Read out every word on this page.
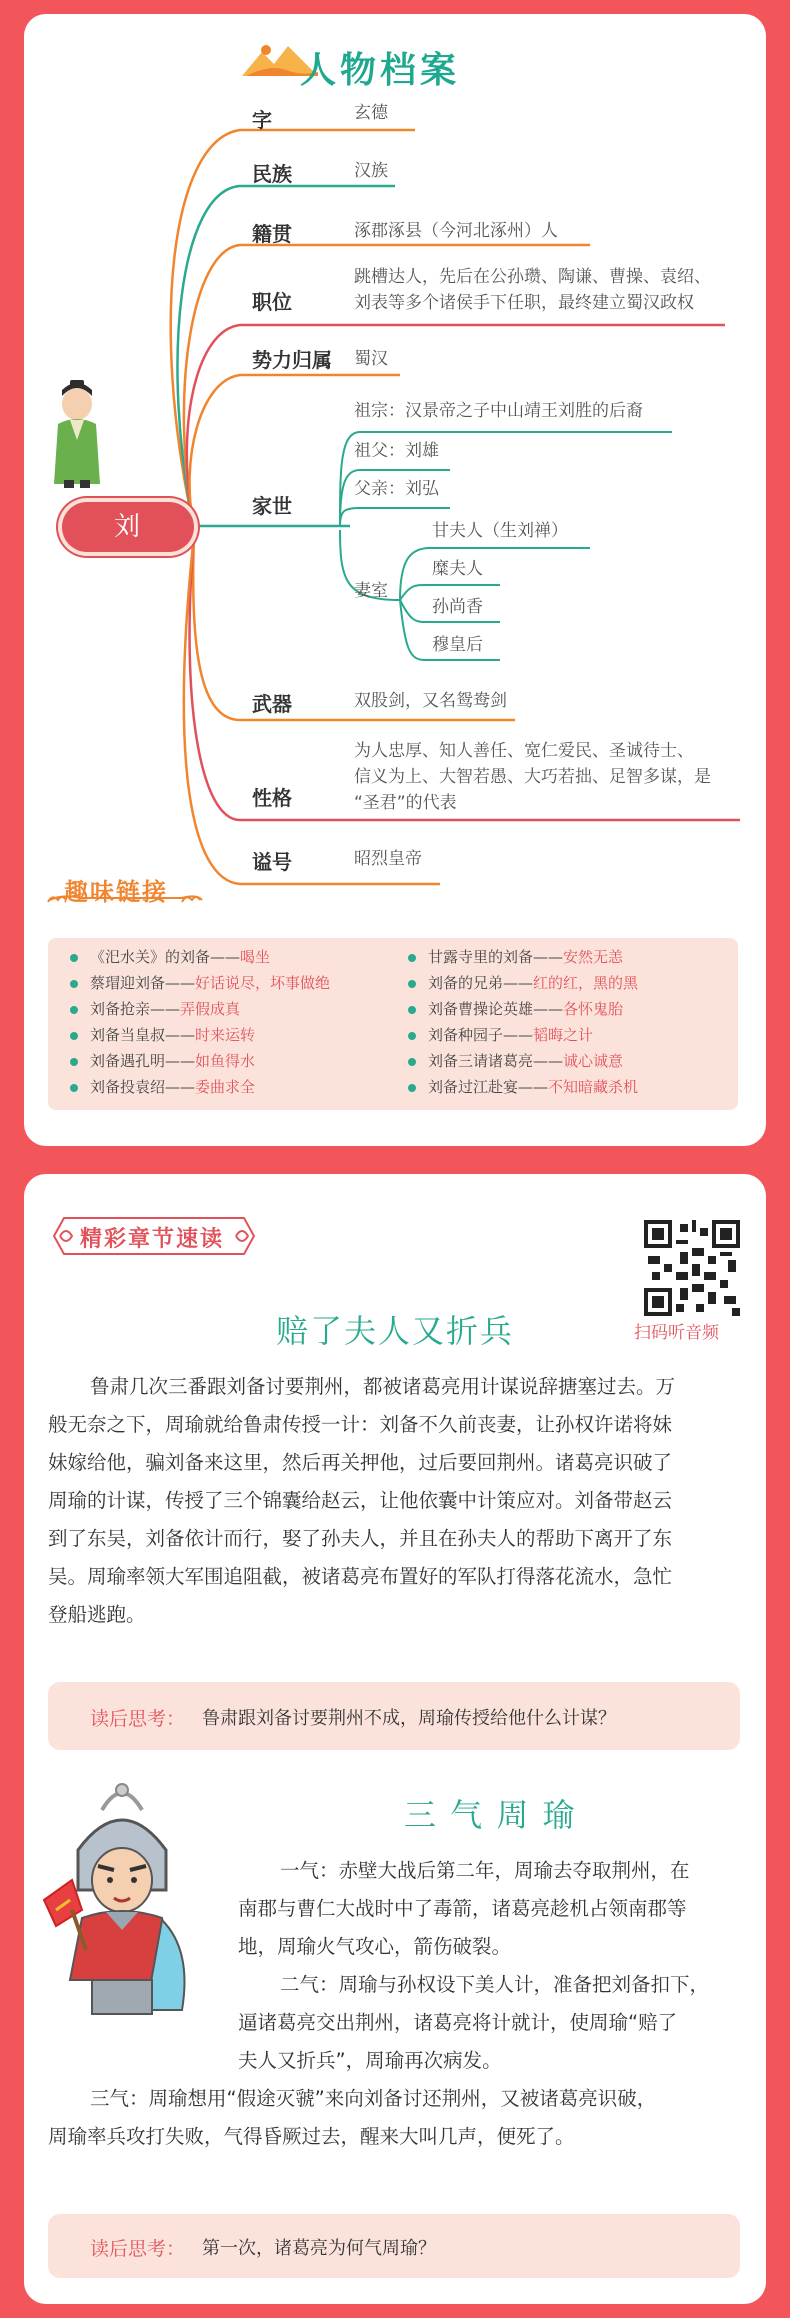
人物档案
刘 备
字	玄德
民族	汉族
籍贯	涿郡涿县（今河北涿州）人
职位
跳槽达人，先后在公孙瓒、陶谦、曹操、袁绍、
刘表等多个诸侯手下任职，最终建立蜀汉政权
势力归属 蜀汉
家世
祖宗：汉景帝之子中山靖王刘胜的后裔
祖父：刘雄
父亲：刘弘
妻室
甘夫人（生刘禅）
糜夫人
孙尚香
穆皇后
武器	双股剑，又名鸳鸯剑
性格
为人忠厚、知人善任、宽仁爱民、圣诚待士、
信义为上、大智若愚、大巧若拙、足智多谋，是
“圣君”的代表
谥号	昭烈皇帝
趣味链接
《汜水关》的刘备——喝坐
蔡瑁迎刘备——好话说尽，坏事做绝
刘备抢亲——弄假成真
刘备当皇叔——时来运转
刘备遇孔明——如鱼得水
刘备投袁绍——委曲求全
甘露寺里的刘备——安然无恙
刘备的兄弟——红的红，黑的黑
刘备曹操论英雄——各怀鬼胎
刘备种园子——韬晦之计
刘备三请诸葛亮——诚心诚意
刘备过江赴宴——不知暗藏杀机
精彩章节速读
扫码听音频
赔了夫人又折兵
鲁肃几次三番跟刘备讨要荆州，都被诸葛亮用计谋说辞搪塞过去。万
般无奈之下，周瑜就给鲁肃传授一计：刘备不久前丧妻，让孙权许诺将妹
妹嫁给他，骗刘备来这里，然后再关押他，过后要回荆州。诸葛亮识破了
周瑜的计谋，传授了三个锦囊给赵云，让他依囊中计策应对。刘备带赵云
到了东吴，刘备依计而行，娶了孙夫人，并且在孙夫人的帮助下离开了东
吴。周瑜率领大军围追阻截，被诸葛亮布置好的军队打得落花流水，急忙
登船逃跑。
读后思考： 鲁肃跟刘备讨要荆州不成，周瑜传授给他什么计谋？
三 气 周 瑜
一气：赤壁大战后第二年，周瑜去夺取荆州，在
南郡与曹仁大战时中了毒箭，诸葛亮趁机占领南郡等
地，周瑜火气攻心，箭伤破裂。
二气：周瑜与孙权设下美人计，准备把刘备扣下，
逼诸葛亮交出荆州，诸葛亮将计就计，使周瑜“赔了
夫人又折兵”，周瑜再次病发。
三气：周瑜想用“假途灭虢”来向刘备讨还荆州，又被诸葛亮识破，
周瑜率兵攻打失败，气得昏厥过去，醒来大叫几声，便死了。
读后思考： 第一次，诸葛亮为何气周瑜？
